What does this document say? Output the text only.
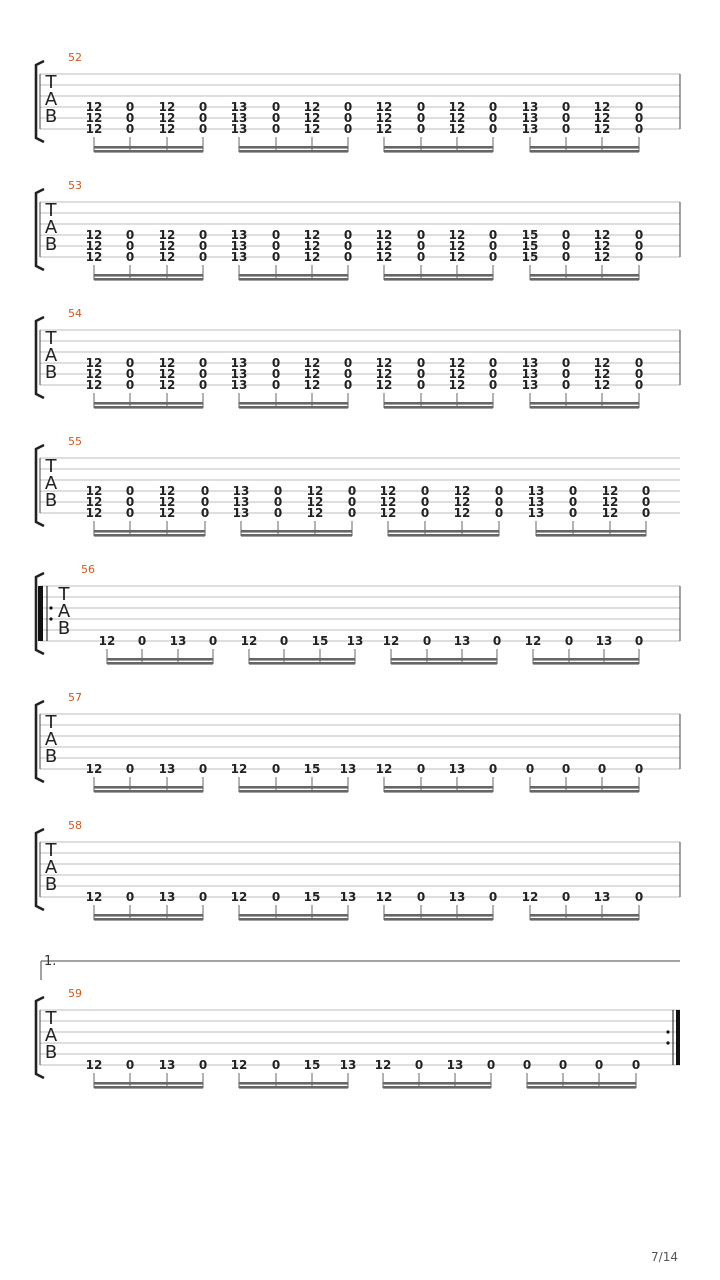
T
A
B
52
12
12
12
0
0
0
12
12
12
0
0
0
13
13
13
0
0
0
12
12
12
0
0
0
12
12
12
0
0
0
12
12
12
0
0
0
13
13
13
0
0
0
12
12
12
0
0
0
T
A
B
53
12
12
12
0
0
0
12
12
12
0
0
0
13
13
13
0
0
0
12
12
12
0
0
0
12
12
12
0
0
0
12
12
12
0
0
0
15
15
15
0
0
0
12
12
12
0
0
0
T
A
B
54
12
12
12
0
0
0
12
12
12
0
0
0
13
13
13
0
0
0
12
12
12
0
0
0
12
12
12
0
0
0
12
12
12
0
0
0
13
13
13
0
0
0
12
12
12
0
0
0
T
A
B
55
12
12
12
0
0
0
12
12
12
0
0
0
13
13
13
0
0
0
12
12
12
0
0
0
12
12
12
0
0
0
12
12
12
0
0
0
13
13
13
0
0
0
12
12
12
0
0
0
T
A
B
56
12 0 13 0 12 0 15 13 12 0 13 0 12 0 13 0
T
A
B
57
12 0 13 0 12 0 15 13 12 0 13 0 0 0 0 0
T
A
B
58
12 0 13 0 12 0 15 13 12 0 13 0 12 0 13 0
T
A
B
59
12 0 13 0 12 0 15 13 12 0 13 0 0 0 0 0
1.
7/14
